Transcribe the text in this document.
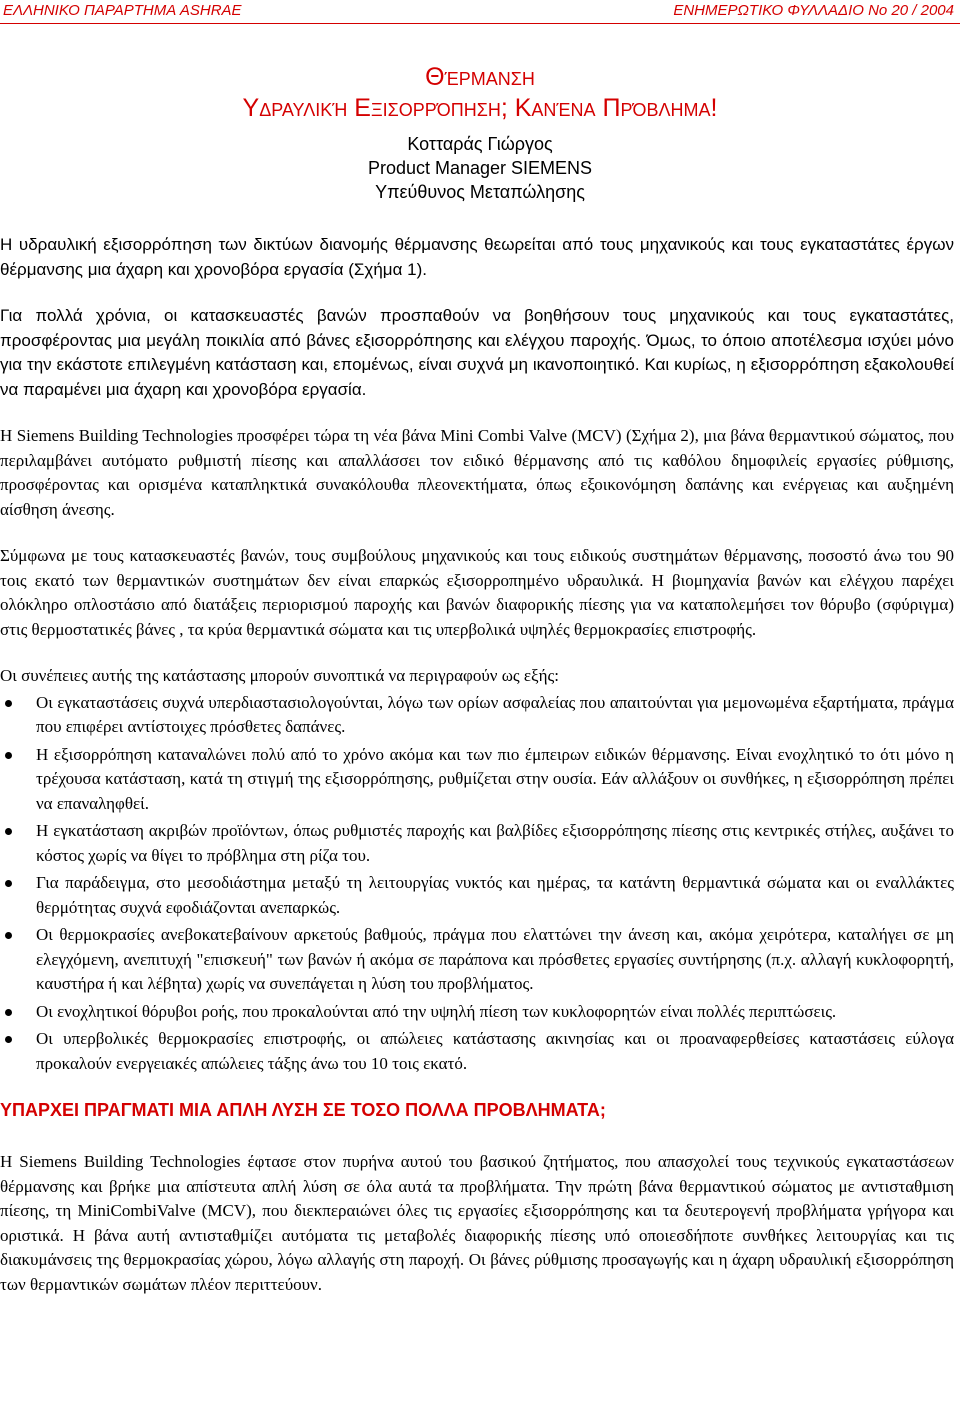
ΕΛΛΗΝΙΚΟ ΠΑΡΑΡΤΗΜΑ ASHRAE	ΕΝΗΜΕΡΩΤΙΚΟ ΦΥΛΛΑΔΙΟ Νο 20 / 2004
Θέρμανση
Υδραυλική Εξισορρόπηση; Κανένα Πρόβλημα!
Κοτταράς Γιώργος
Product Manager SIEMENS
Υπεύθυνος Μεταπώλησης

Η υδραυλική εξισορρόπηση των δικτύων διανομής θέρμανσης θεωρείται από τους μηχανικούς και τους εγκαταστάτες έργων θέρμανσης μια άχαρη και χρονοβόρα εργασία (Σχήμα 1).

Για πολλά χρόνια, οι κατασκευαστές βανών προσπαθούν να βοηθήσουν τους μηχανικούς και τους εγκαταστάτες, προσφέροντας μια μεγάλη ποικιλία από βάνες εξισορρόπησης και ελέγχου παροχής. Όμως, το όποιο αποτέλεσμα ισχύει μόνο για την εκάστοτε επιλεγμένη κατάσταση και, επομένως, είναι συχνά μη ικανοποιητικό. Και κυρίως, η εξισορρόπηση εξακολουθεί να παραμένει μια άχαρη και χρονοβόρα εργασία.

Η Siemens Building Technologies προσφέρει τώρα τη νέα βάνα Mini Combi Valve (MCV) (Σχήμα 2), μια βάνα θερμαντικού σώματος, που περιλαμβάνει αυτόματο ρυθμιστή πίεσης και απαλλάσσει τον ειδικό θέρμανσης από τις καθόλου δημοφιλείς εργασίες ρύθμισης, προσφέροντας και ορισμένα καταπληκτικά συνακόλουθα πλεονεκτήματα, όπως εξοικονόμηση δαπάνης και ενέργειας και αυξημένη αίσθηση άνεσης.

Σύμφωνα με τους κατασκευαστές βανών, τους συμβούλους μηχανικούς και τους ειδικούς συστημάτων θέρμανσης, ποσοστό άνω του 90 τοις εκατό των θερμαντικών συστημάτων δεν είναι επαρκώς εξισορροπημένο υδραυλικά. Η βιομηχανία βανών και ελέγχου παρέχει ολόκληρο οπλοστάσιο από διατάξεις περιορισμού παροχής και βανών διαφορικής πίεσης για να καταπολεμήσει τον θόρυβο (σφύριγμα) στις θερμοστατικές βάνες , τα κρύα θερμαντικά σώματα και τις υπερβολικά υψηλές θερμοκρασίες επιστροφής.

Οι συνέπειες αυτής της κατάστασης μπορούν συνοπτικά να περιγραφούν ως εξής:

Οι εγκαταστάσεις συχνά υπερδιαστασιολογούνται, λόγω των ορίων ασφαλείας που απαιτούνται για μεμονωμένα εξαρτήματα, πράγμα που επιφέρει αντίστοιχες πρόσθετες δαπάνες.
Η εξισορρόπηση καταναλώνει πολύ από το χρόνο ακόμα και των πιο έμπειρων ειδικών θέρμανσης. Είναι ενοχλητικό το ότι μόνο η τρέχουσα κατάσταση, κατά τη στιγμή της εξισορρόπησης, ρυθμίζεται στην ουσία. Εάν αλλάξουν οι συνθήκες, η εξισορρόπηση πρέπει να επαναληφθεί.
Η εγκατάσταση ακριβών προϊόντων, όπως ρυθμιστές παροχής και βαλβίδες εξισορρόπησης πίεσης στις κεντρικές στήλες, αυξάνει το κόστος χωρίς να θίγει το πρόβλημα στη ρίζα του.
Για παράδειγμα, στο μεσοδιάστημα μεταξύ τη λειτουργίας νυκτός και ημέρας, τα κατάντη θερμαντικά σώματα και οι εναλλάκτες θερμότητας συχνά εφοδιάζονται ανεπαρκώς.
Οι θερμοκρασίες ανεβοκατεβαίνουν αρκετούς βαθμούς, πράγμα που ελαττώνει την άνεση και, ακόμα χειρότερα, καταλήγει σε μη ελεγχόμενη, ανεπιτυχή "επισκευή" των βανών ή ακόμα σε παράπονα και πρόσθετες εργασίες συντήρησης (π.χ. αλλαγή κυκλοφορητή, καυστήρα ή και λέβητα) χωρίς να συνεπάγεται η λύση του προβλήματος.
Οι ενοχλητικοί θόρυβοι ροής, που προκαλούνται από την υψηλή πίεση των κυκλοφορητών είναι πολλές περιπτώσεις.
Οι υπερβολικές θερμοκρασίες επιστροφής, οι απώλειες κατάστασης ακινησίας και οι προαναφερθείσες καταστάσεις εύλογα προκαλούν ενεργειακές απώλειες τάξης άνω του 10 τοις εκατό.
ΥΠΑΡΧΕΙ ΠΡΑΓΜΑΤΙ ΜΙΑ ΑΠΛΗ ΛΥΣΗ ΣΕ ΤΟΣΟ ΠΟΛΛΑ ΠΡΟΒΛΗΜΑΤΑ;

Η Siemens Building Technologies έφτασε στον πυρήνα αυτού του βασικού ζητήματος, που απασχολεί τους τεχνικούς εγκαταστάσεων θέρμανσης και βρήκε μια απίστευτα απλή λύση σε όλα αυτά τα προβλήματα. Την πρώτη βάνα θερμαντικού σώματος με αντισταθμιση πίεσης, τη MiniCombiValve (MCV), που διεκπεραιώνει όλες τις εργασίες εξισορρόπησης και τα δευτερογενή προβλήματα γρήγορα και οριστικά. Η βάνα αυτή αντισταθμίζει αυτόματα τις μεταβολές διαφορικής πίεσης υπό οποιεσδήποτε συνθήκες λειτουργίας και τις διακυμάνσεις της θερμοκρασίας χώρου, λόγω αλλαγής στη παροχή. Οι βάνες ρύθμισης προσαγωγής και η άχαρη υδραυλική εξισορρόπηση των θερμαντικών σωμάτων πλέον περιττεύουν.
